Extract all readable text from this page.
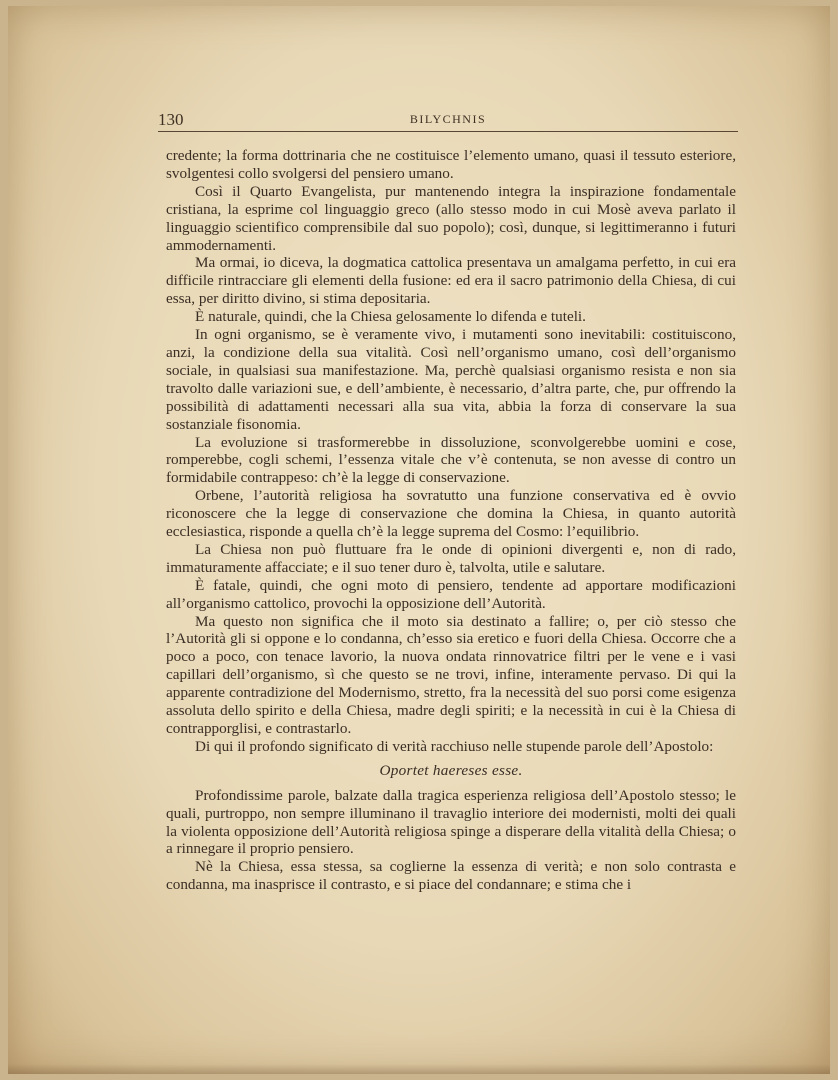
130	BILYCHNIS

credente; la forma dottrinaria che ne costituisce l’elemento umano, quasi il tessuto esteriore, svolgentesi collo svolgersi del pensiero umano.

Così il Quarto Evangelista, pur mantenendo integra la inspirazione fondamentale cristiana, la esprime col linguaggio greco (allo stesso modo in cui Mosè aveva parlato il linguaggio scientifico comprensibile dal suo popolo); così, dunque, si legittimeranno i futuri ammodernamenti.

Ma ormai, io diceva, la dogmatica cattolica presentava un amalgama perfetto, in cui era difficile rintracciare gli elementi della fusione: ed era il sacro patrimonio della Chiesa, di cui essa, per diritto divino, si stima depositaria.

È naturale, quindi, che la Chiesa gelosamente lo difenda e tuteli.

In ogni organismo, se è veramente vivo, i mutamenti sono inevitabili: costituiscono, anzi, la condizione della sua vitalità. Così nell’organismo umano, così dell’organismo sociale, in qualsiasi sua manifestazione. Ma, perchè qualsiasi organismo resista e non sia travolto dalle variazioni sue, e dell’ambiente, è necessario, d’altra parte, che, pur offrendo la possibilità di adattamenti necessari alla sua vita, abbia la forza di conservare la sua sostanziale fisonomia.

La evoluzione si trasformerebbe in dissoluzione, sconvolgerebbe uomini e cose, romperebbe, cogli schemi, l’essenza vitale che v’è contenuta, se non avesse di contro un formidabile contrappeso: ch’è la legge di conservazione.

Orbene, l’autorità religiosa ha sovratutto una funzione conservativa ed è ovvio riconoscere che la legge di conservazione che domina la Chiesa, in quanto autorità ecclesiastica, risponde a quella ch’è la legge suprema del Cosmo: l’equilibrio.

La Chiesa non può fluttuare fra le onde di opinioni divergenti e, non di rado, immaturamente affacciate; e il suo tener duro è, talvolta, utile e salutare.

È fatale, quindi, che ogni moto di pensiero, tendente ad apportare modificazioni all’organismo cattolico, provochi la opposizione dell’Autorità.

Ma questo non significa che il moto sia destinato a fallire; o, per ciò stesso che l’Autorità gli si oppone e lo condanna, ch’esso sia eretico e fuori della Chiesa. Occorre che a poco a poco, con tenace lavorio, la nuova ondata rinnovatrice filtri per le vene e i vasi capillari dell’organismo, sì che questo se ne trovi, infine, interamente pervaso. Di qui la apparente contradizione del Modernismo, stretto, fra la necessità del suo porsi come esigenza assoluta dello spirito e della Chiesa, madre degli spiriti; e la necessità in cui è la Chiesa di contrapporglisi, e contrastarlo.

Di qui il profondo significato di verità racchiuso nelle stupende parole dell’Apostolo:

Oportet haereses esse.

Profondissime parole, balzate dalla tragica esperienza religiosa dell’Apostolo stesso; le quali, purtroppo, non sempre illuminano il travaglio interiore dei modernisti, molti dei quali la violenta opposizione dell’Autorità religiosa spinge a disperare della vitalità della Chiesa; o a rinnegare il proprio pensiero.

Nè la Chiesa, essa stessa, sa coglierne la essenza di verità; e non solo contrasta e condanna, ma inasprisce il contrasto, e si piace del condannare; e stima che i
